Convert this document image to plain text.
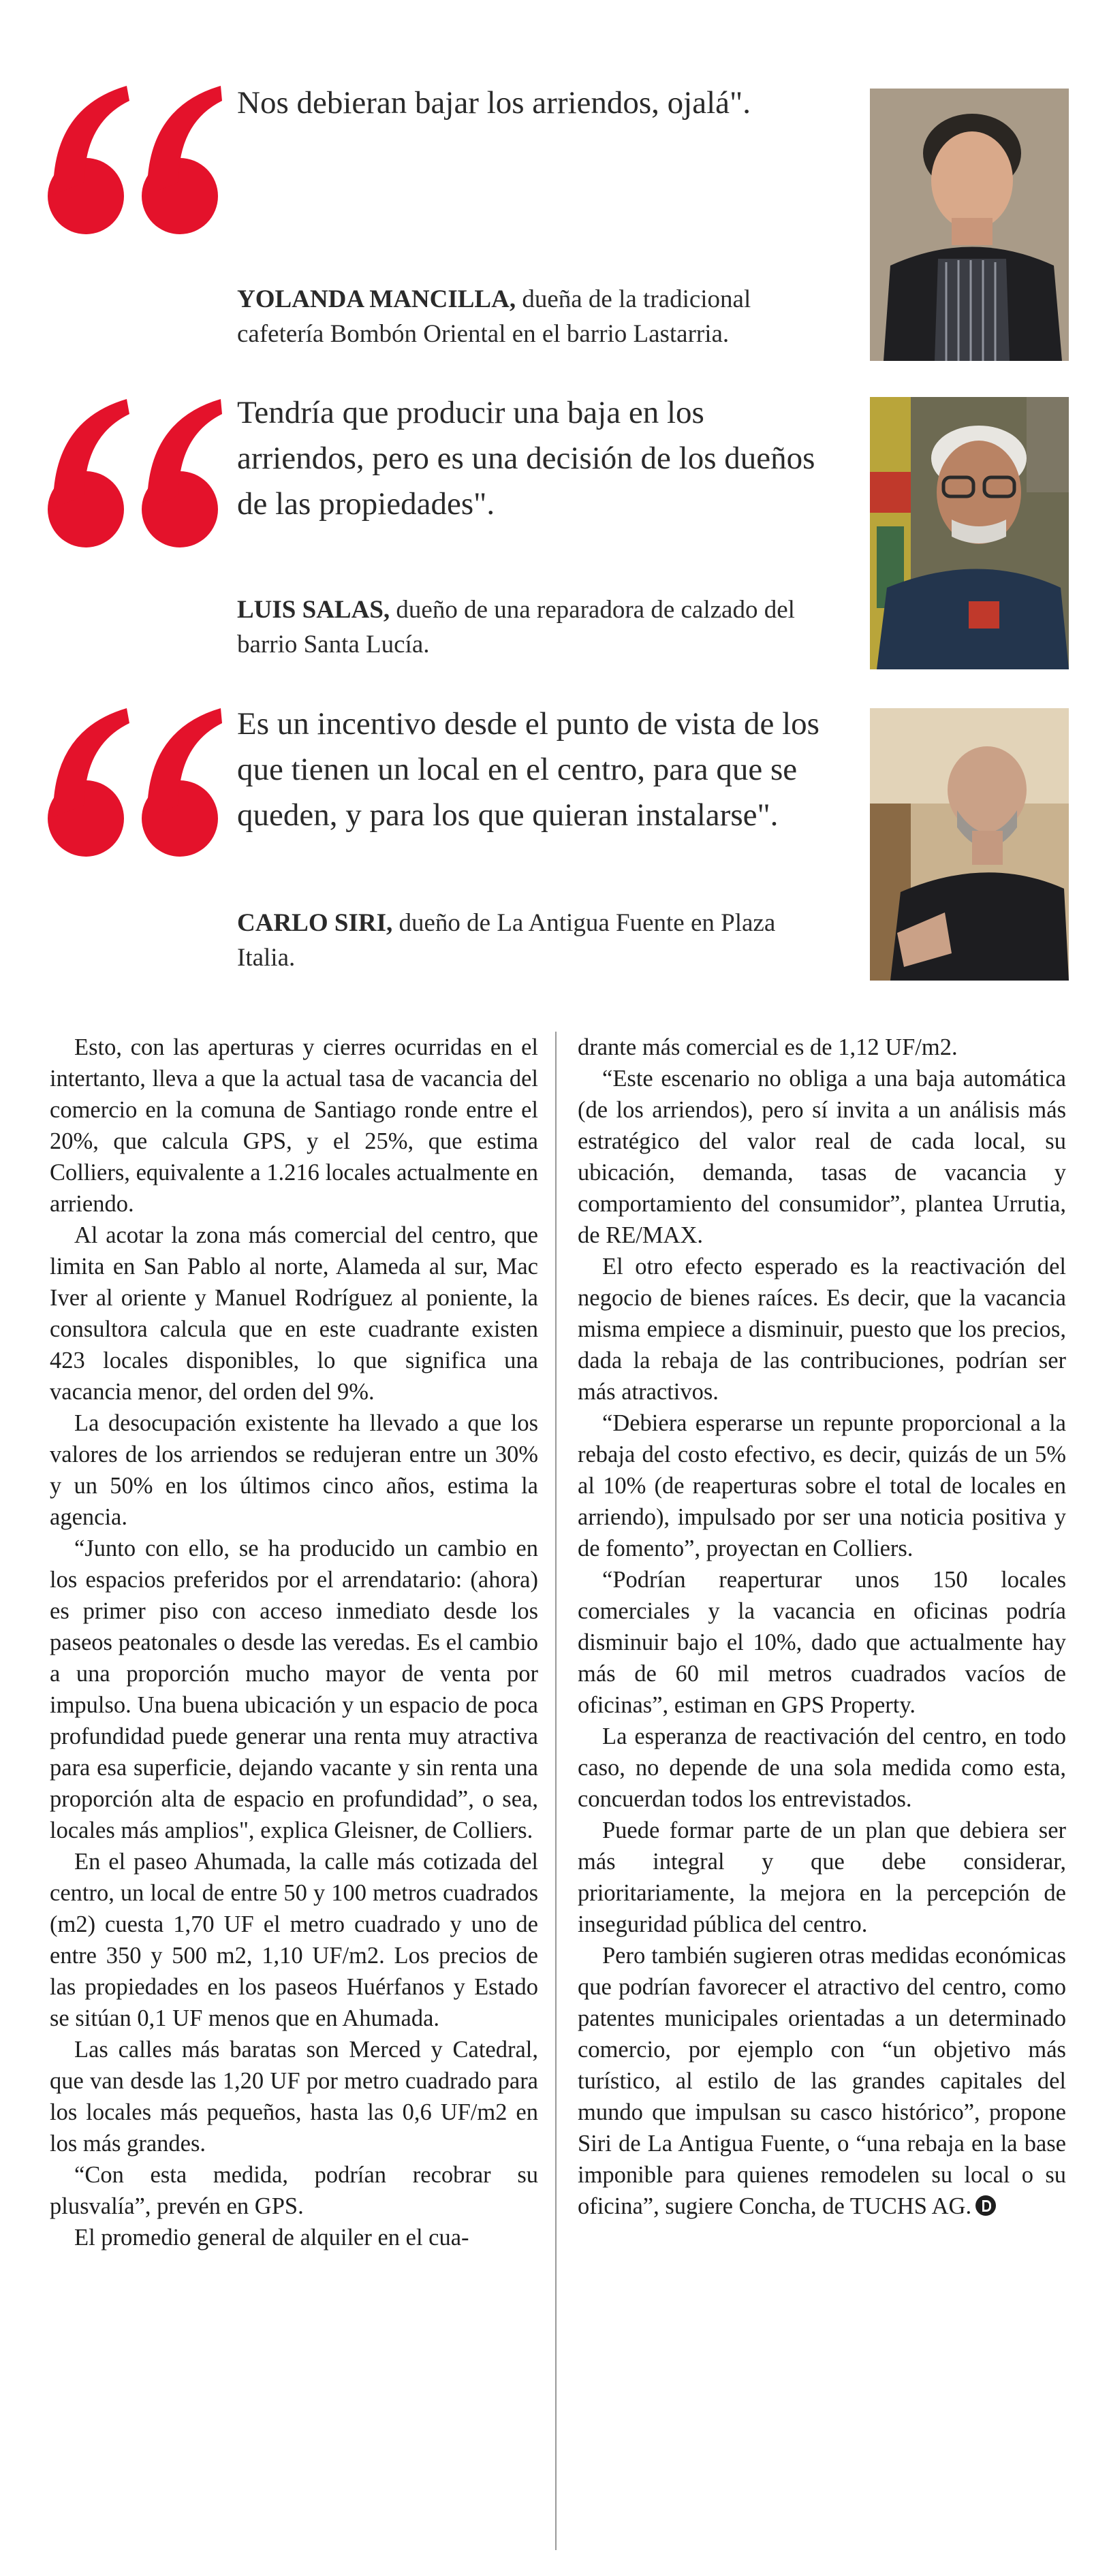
Nos debieran bajar los arriendos, ojalá".

YOLANDA MANCILLA, dueña de la tradicional cafetería Bombón Oriental en el barrio Lastarria.

Tendría que producir una baja en los arriendos, pero es una decisión de los dueños de las propiedades".

LUIS SALAS, dueño de una reparadora de calzado del barrio Santa Lucía.

Es un incentivo desde el punto de vista de los que tienen un local en el centro, para que se queden, y para los que quieran instalarse".

CARLO SIRI, dueño de La Antigua Fuente en Plaza Italia.

Esto, con las aperturas y cierres ocurridas en el intertanto, lleva a que la actual tasa de vacancia del comercio en la comuna de Santiago ronde entre el 20%, que calcula GPS, y el 25%, que estima Colliers, equivalente a 1.216 locales actualmente en arriendo.

Al acotar la zona más comercial del centro, que limita en San Pablo al norte, Alameda al sur, Mac Iver al oriente y Manuel Rodríguez al poniente, la consultora calcula que en este cuadrante existen 423 locales disponibles, lo que significa una vacancia menor, del orden del 9%.

La desocupación existente ha llevado a que los valores de los arriendos se redujeran entre un 30% y un 50% en los últimos cinco años, estima la agencia.

“Junto con ello, se ha producido un cambio en los espacios preferidos por el arrendatario: (ahora) es primer piso con acceso inmediato desde los paseos peatonales o desde las veredas. Es el cambio a una proporción mucho mayor de venta por impulso. Una buena ubicación y un espacio de poca profundidad puede generar una renta muy atractiva para esa superficie, dejando vacante y sin renta una proporción alta de espacio en profundidad”, o sea, locales más amplios", explica Gleisner, de Colliers.

En el paseo Ahumada, la calle más cotizada del centro, un local de entre 50 y 100 metros cuadrados (m2) cuesta 1,70 UF el metro cuadrado y uno de entre 350 y 500 m2, 1,10 UF/m2. Los precios de las propiedades en los paseos Huérfanos y Estado se sitúan 0,1 UF menos que en Ahumada.

Las calles más baratas son Merced y Catedral, que van desde las 1,20 UF por metro cuadrado para los locales más pequeños, hasta las 0,6 UF/m2 en los más grandes.

“Con esta medida, podrían recobrar su plusvalía”, prevén en GPS.

El promedio general de alquiler en el cua-

drante más comercial es de 1,12 UF/m2.

“Este escenario no obliga a una baja automática (de los arriendos), pero sí invita a un análisis más estratégico del valor real de cada local, su ubicación, demanda, tasas de vacancia y comportamiento del consumidor”, plantea Urrutia, de RE/MAX.

El otro efecto esperado es la reactivación del negocio de bienes raíces. Es decir, que la vacancia misma empiece a disminuir, puesto que los precios, dada la rebaja de las contribuciones, podrían ser más atractivos.

“Debiera esperarse un repunte proporcional a la rebaja del costo efectivo, es decir, quizás de un 5% al 10% (de reaperturas sobre el total de locales en arriendo), impulsado por ser una noticia positiva y de fomento”, proyectan en Colliers.

“Podrían reaperturar unos 150 locales comerciales y la vacancia en oficinas podría disminuir bajo el 10%, dado que actualmente hay más de 60 mil metros cuadrados vacíos de oficinas”, estiman en GPS Property.

La esperanza de reactivación del centro, en todo caso, no depende de una sola medida como esta, concuerdan todos los entrevistados.

Puede formar parte de un plan que debiera ser más integral y que debe considerar, prioritariamente, la mejora en la percepción de inseguridad pública del centro.

Pero también sugieren otras medidas económicas que podrían favorecer el atractivo del centro, como patentes municipales orientadas a un determinado comercio, por ejemplo con “un objetivo más turístico, al estilo de las grandes capitales del mundo que impulsan su casco histórico”, propone Siri de La Antigua Fuente, o “una rebaja en la base imponible para quienes remodelen su local o su oficina”, sugiere Concha, de TUCHS AG.
